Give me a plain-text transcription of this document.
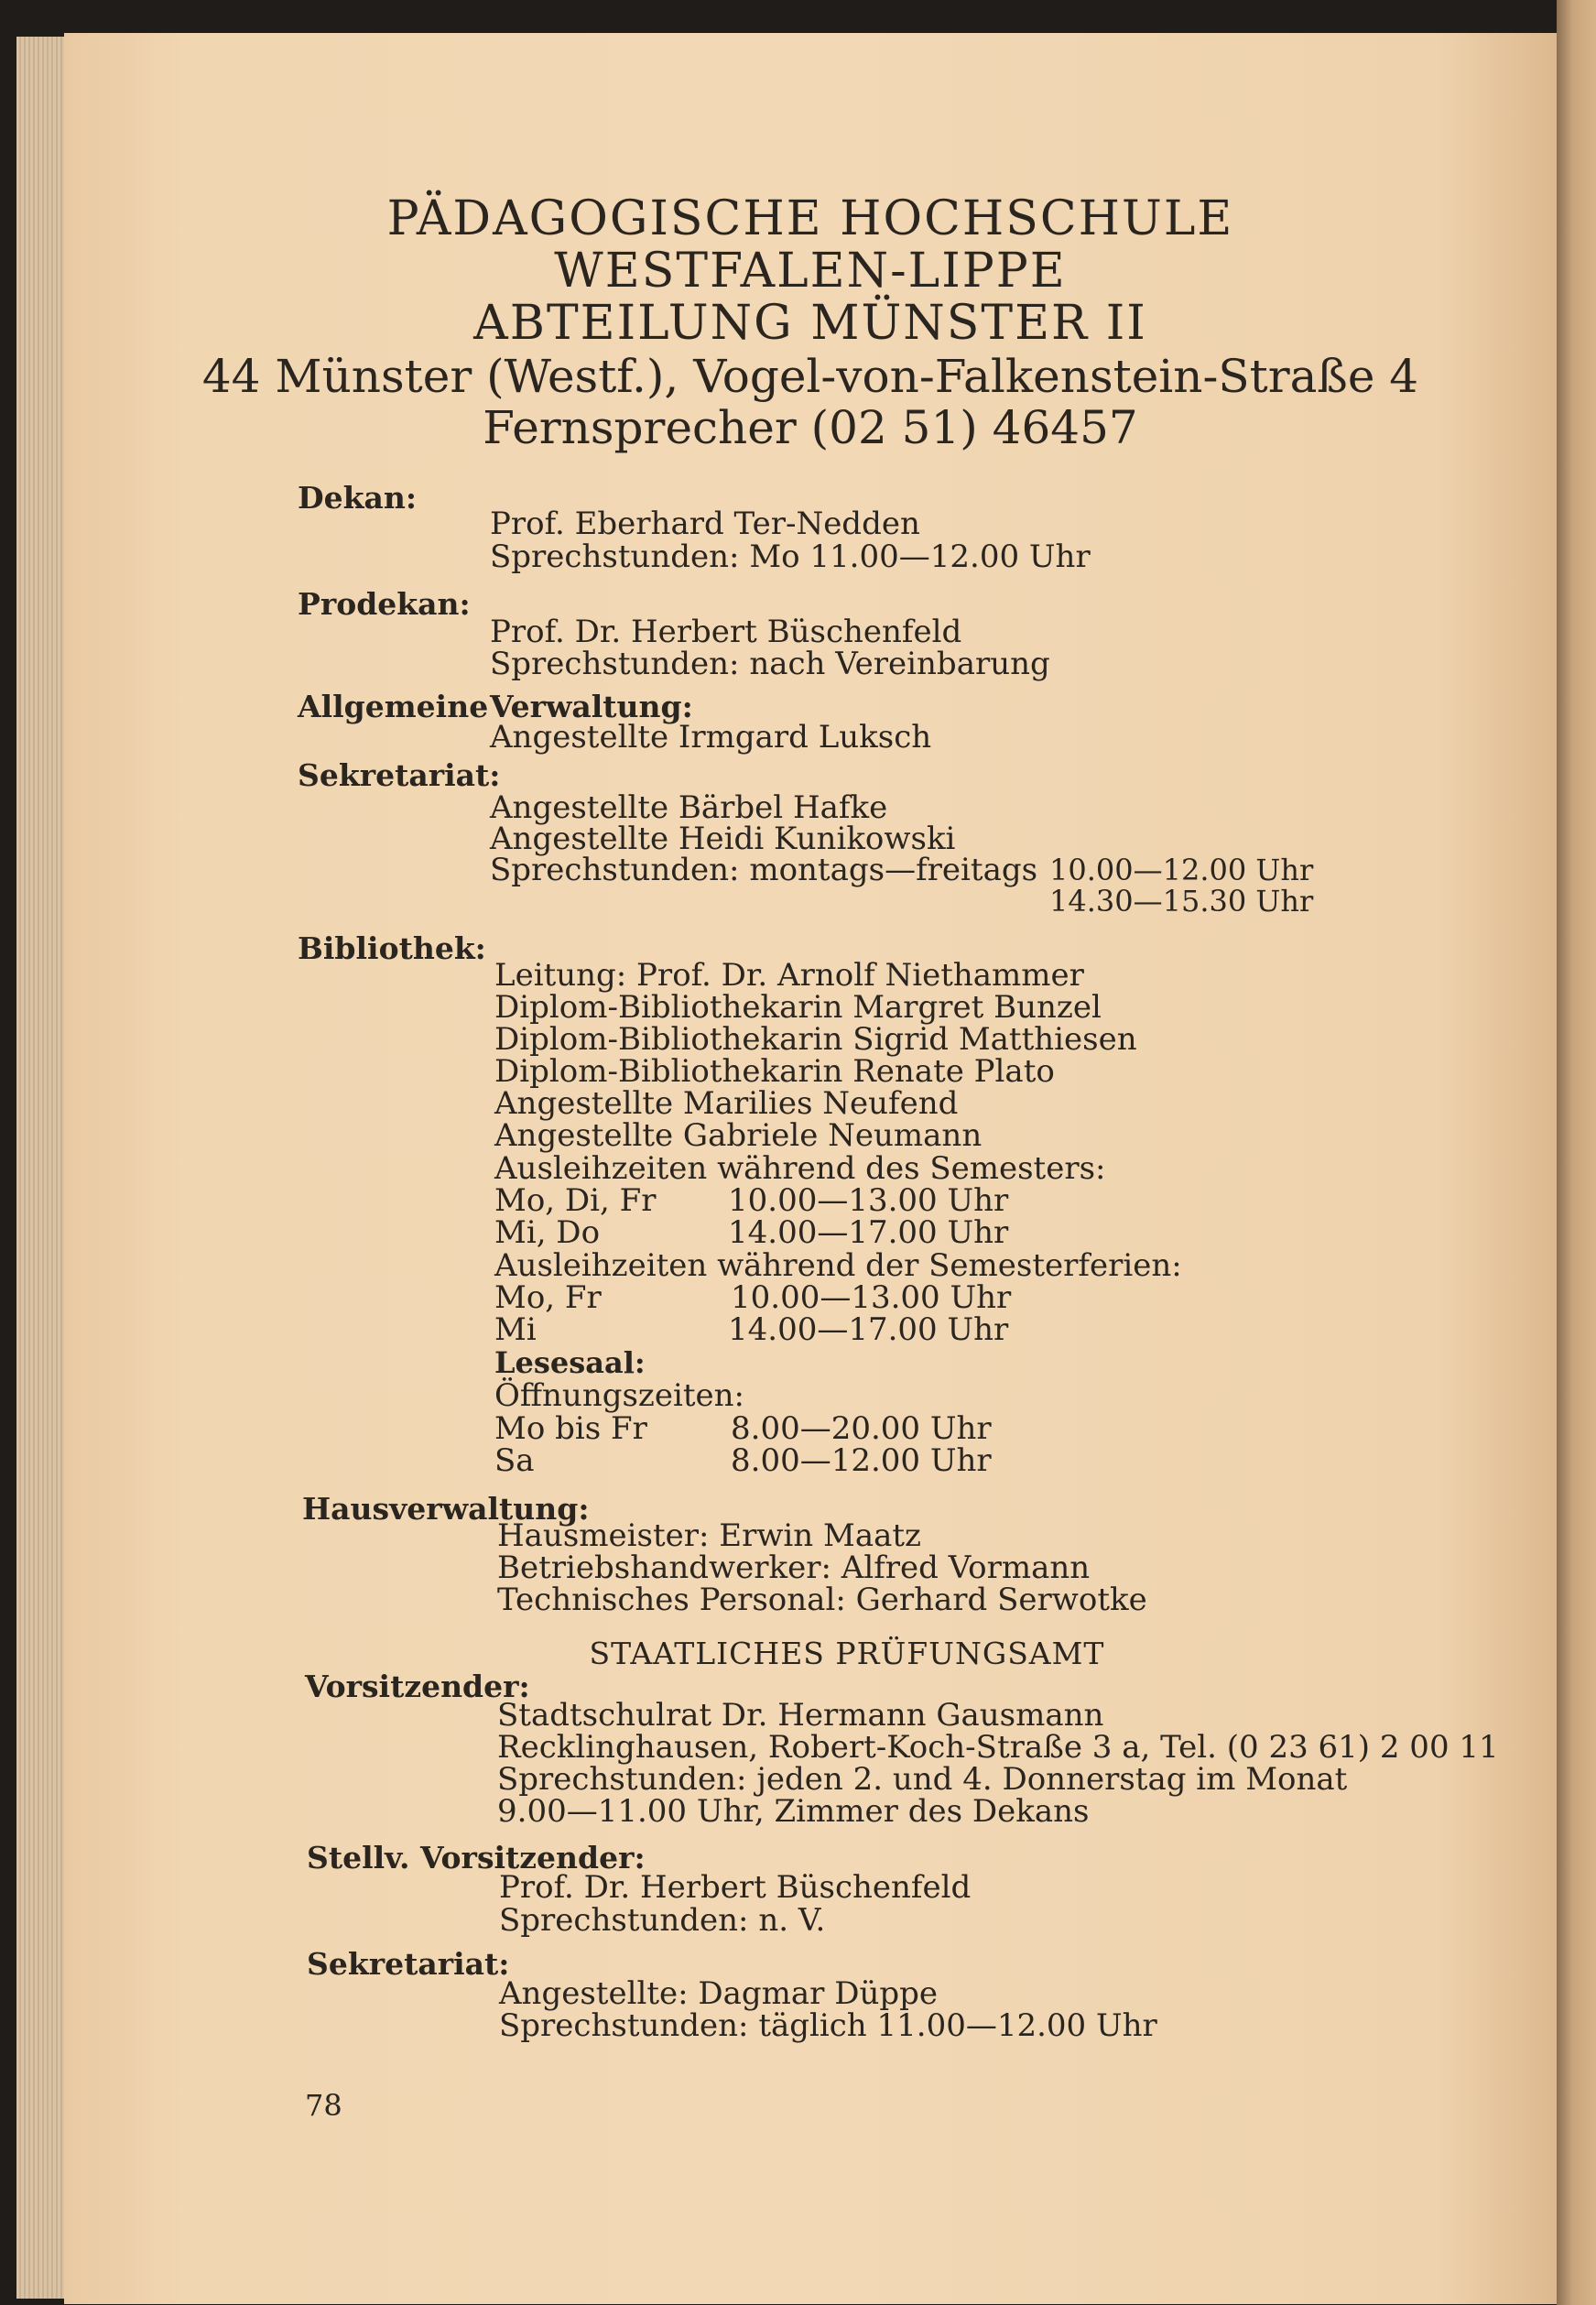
PÄDAGOGISCHE HOCHSCHULE
WESTFALEN-LIPPE
ABTEILUNG MÜNSTER II
44 Münster (Westf.), Vogel-von-Falkenstein-Straße 4
Fernsprecher (02 51) 46457
Dekan:
Prof. Eberhard Ter-Nedden
Sprechstunden: Mo 11.00—12.00 Uhr
Prodekan:
Prof. Dr. Herbert Büschenfeld
Sprechstunden: nach Vereinbarung
Allgemeine Verwaltung:
Angestellte Irmgard Luksch
Sekretariat:
Angestellte Bärbel Hafke
Angestellte Heidi Kunikowski
Sprechstunden: montags—freitags 10.00—12.00 Uhr
14.30—15.30 Uhr
Bibliothek:
Leitung: Prof. Dr. Arnolf Niethammer
Diplom-Bibliothekarin Margret Bunzel
Diplom-Bibliothekarin Sigrid Matthiesen
Diplom-Bibliothekarin Renate Plato
Angestellte Marilies Neufend
Angestellte Gabriele Neumann
Ausleihzeiten während des Semesters:
Mo, Di, Fr 10.00—13.00 Uhr
Mi, Do	14.00—17.00 Uhr
Ausleihzeiten während der Semesterferien:
Mo, Fr	10.00—13.00 Uhr
Mi	14.00—17.00 Uhr
Lesesaal:
Öffnungszeiten:
Mo bis Fr	8.00—20.00 Uhr
Sa	8.00—12.00 Uhr
Hausverwaltung:
Hausmeister: Erwin Maatz
Betriebshandwerker: Alfred Vormann
Technisches Personal: Gerhard Serwotke
STAATLICHES PRÜFUNGSAMT
Vorsitzender:
Stadtschulrat Dr. Hermann Gausmann
Recklinghausen, Robert-Koch-Straße 3 a, Tel. (0 23 61) 2 00 11
Sprechstunden: jeden 2. und 4. Donnerstag im Monat
9.00—11.00 Uhr, Zimmer des Dekans
Stellv. Vorsitzender:
Prof. Dr. Herbert Büschenfeld
Sprechstunden: n. V.
Sekretariat:
Angestellte: Dagmar Düppe
Sprechstunden: täglich 11.00—12.00 Uhr
78
